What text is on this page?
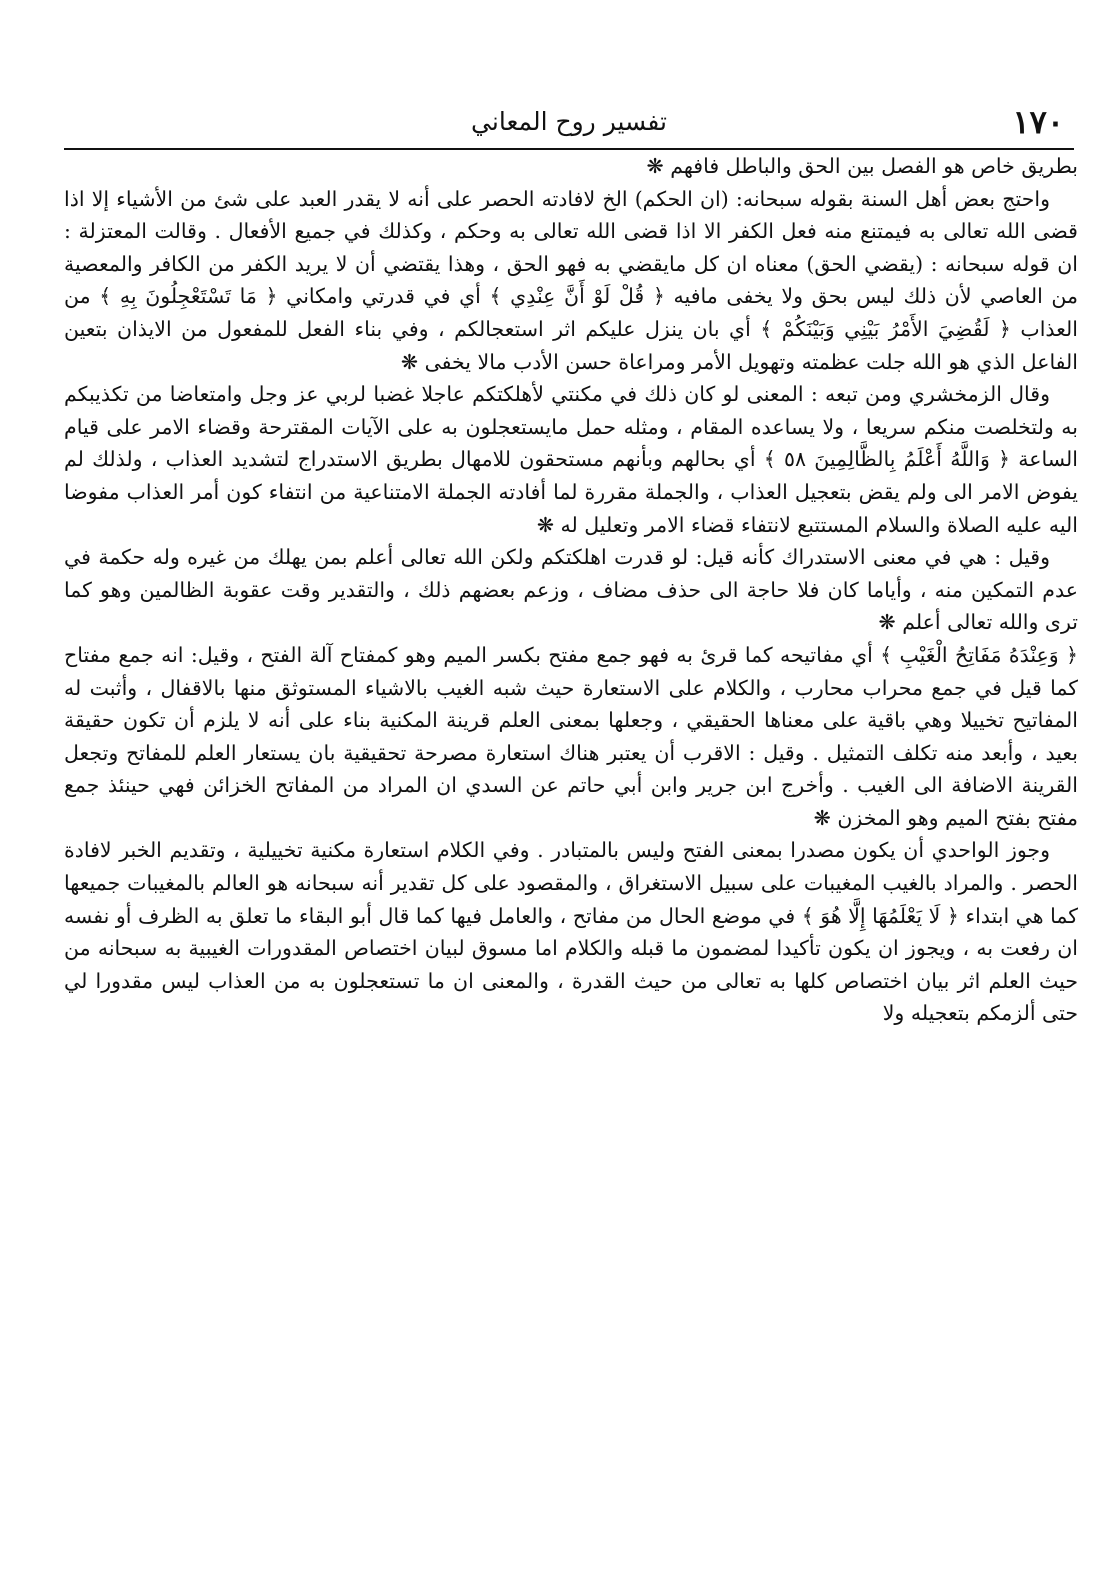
١٧٠
تفسير روح المعاني

بطريق خاص هو الفصل بين الحق والباطل فافهم ❋

واحتج بعض أهل السنة بقوله سبحانه: (ان الحكم) الخ لافادته الحصر على أنه لا يقدر العبد على شئ من الأشياء إلا اذا قضى الله تعالى به فيمتنع منه فعل الكفر الا اذا قضى الله تعالى به وحكم ، وكذلك في جميع الأفعال . وقالت المعتزلة : ان قوله سبحانه : (يقضي الحق) معناه ان كل مايقضي به فهو الحق ، وهذا يقتضي أن لا يريد الكفر من الكافر والمعصية من العاصي لأن ذلك ليس بحق ولا يخفى مافيه ﴿ قُلْ لَوْ أَنَّ عِنْدِي ﴾ أي في قدرتي وامكاني ﴿ مَا تَسْتَعْجِلُونَ بِهِ ﴾ من العذاب ﴿ لَقُضِيَ الأَمْرُ بَيْنِي وَبَيْنَكُمْ ﴾ أي بان ينزل عليكم اثر استعجالكم ، وفي بناء الفعل للمفعول من الايذان بتعين الفاعل الذي هو الله جلت عظمته وتهويل الأمر ومراعاة حسن الأدب مالا يخفى ❋

وقال الزمخشري ومن تبعه : المعنى لو كان ذلك في مكنتي لأهلكتكم عاجلا غضبا لربي عز وجل وامتعاضا من تكذيبكم به ولتخلصت منكم سريعا ، ولا يساعده المقام ، ومثله حمل مايستعجلون به على الآيات المقترحة وقضاء الامر على قيام الساعة ﴿ وَاللَّهُ أَعْلَمُ بِالظَّالِمِينَ ٥٨ ﴾ أي بحالهم وبأنهم مستحقون للامهال بطريق الاستدراج لتشديد العذاب ، ولذلك لم يفوض الامر الى ولم يقض بتعجيل العذاب ، والجملة مقررة لما أفادته الجملة الامتناعية من انتفاء كون أمر العذاب مفوضا اليه عليه الصلاة والسلام المستتبع لانتفاء قضاء الامر وتعليل له ❋

وقيل : هي في معنى الاستدراك كأنه قيل: لو قدرت اهلكتكم ولكن الله تعالى أعلم بمن يهلك من غيره وله حكمة في عدم التمكين منه ، وأياما كان فلا حاجة الى حذف مضاف ، وزعم بعضهم ذلك ، والتقدير وقت عقوبة الظالمين وهو كما ترى والله تعالى أعلم ❋

﴿ وَعِنْدَهُ مَفَاتِحُ الْغَيْبِ ﴾ أي مفاتيحه كما قرئ به فهو جمع مفتح بكسر الميم وهو كمفتاح آلة الفتح ، وقيل: انه جمع مفتاح كما قيل في جمع محراب محارب ، والكلام على الاستعارة حيث شبه الغيب بالاشياء المستوثق منها بالاقفال ، وأثبت له المفاتيح تخييلا وهي باقية على معناها الحقيقي ، وجعلها بمعنى العلم قرينة المكنية بناء على أنه لا يلزم أن تكون حقيقة بعيد ، وأبعد منه تكلف التمثيل . وقيل : الاقرب أن يعتبر هناك استعارة مصرحة تحقيقية بان يستعار العلم للمفاتح وتجعل القرينة الاضافة الى الغيب . وأخرج ابن جرير وابن أبي حاتم عن السدي ان المراد من المفاتح الخزائن فهي حينئذ جمع مفتح بفتح الميم وهو المخزن ❋

وجوز الواحدي أن يكون مصدرا بمعنى الفتح وليس بالمتبادر . وفي الكلام استعارة مكنية تخييلية ، وتقديم الخبر لافادة الحصر . والمراد بالغيب المغيبات على سبيل الاستغراق ، والمقصود على كل تقدير أنه سبحانه هو العالم بالمغيبات جميعها كما هي ابتداء ﴿ لَا يَعْلَمُهَا إِلَّا هُوَ ﴾ في موضع الحال من مفاتح ، والعامل فيها كما قال أبو البقاء ما تعلق به الظرف أو نفسه ان رفعت به ، ويجوز ان يكون تأكيدا لمضمون ما قبله والكلام اما مسوق لبيان اختصاص المقدورات الغيبية به سبحانه من حيث العلم اثر بيان اختصاص كلها به تعالى من حيث القدرة ، والمعنى ان ما تستعجلون به من العذاب ليس مقدورا لي حتى ألزمكم بتعجيله ولا
